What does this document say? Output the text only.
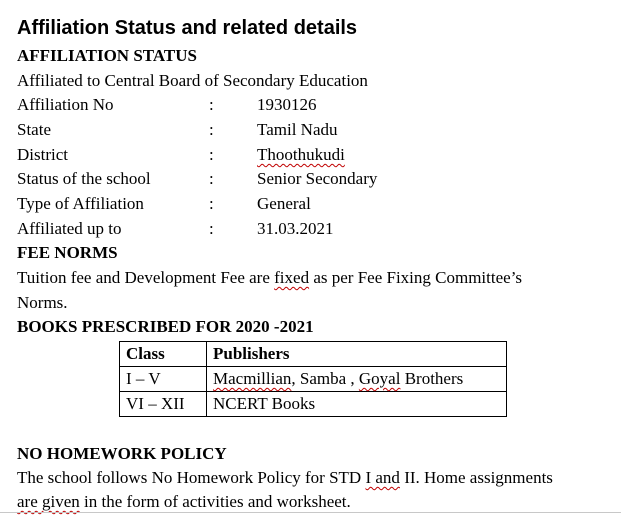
Affiliation Status and related details
AFFILIATION STATUS
Affiliated to Central Board of Secondary Education
Affiliation No	:	1930126
State	:	Tamil Nadu
District	:	Thoothukudi
Status of the school	:	Senior Secondary
Type of Affiliation	:	General
Affiliated up to	:	31.03.2021
FEE NORMS
Tuition fee and Development Fee are fixed as per Fee Fixing Committee’s
Norms.
BOOKS PRESCRIBED FOR 2020 -2021
Class	Publishers
I – V	Macmillian, Samba , Goyal Brothers
VI – XII	NCERT Books
NO HOMEWORK POLICY
The school follows No Homework Policy for STD I and II. Home assignments
are given in the form of activities and worksheet.
